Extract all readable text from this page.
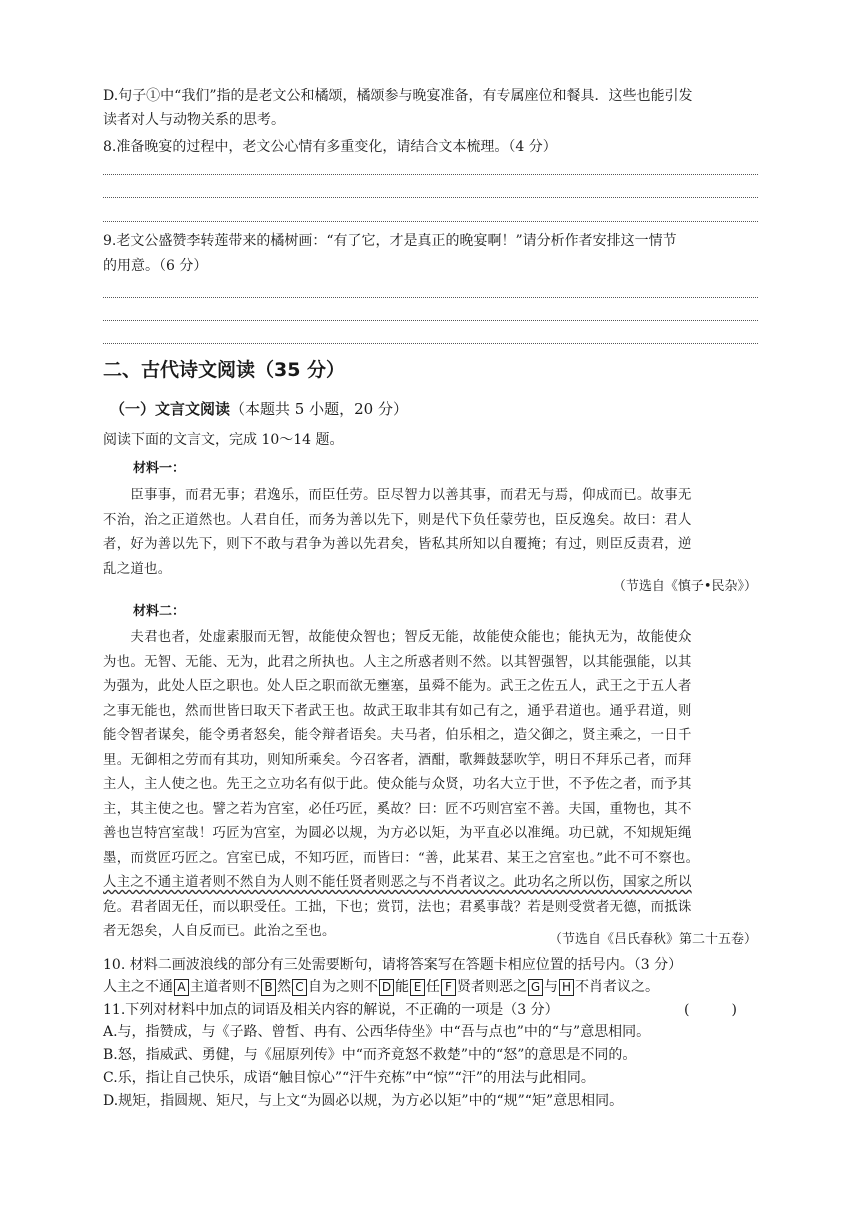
D.句子①中“我们”指的是老文公和橘颂，橘颂参与晚宴准备，有专属座位和餐具．这些也能引发
读者对人与动物关系的思考。
8.准备晚宴的过程中，老文公心情有多重变化，请结合文本梳理。（4 分）
9.老文公盛赞李转莲带来的橘树画：“有了它，才是真正的晚宴啊！”请分析作者安排这一情节
的用意。（6 分）
二、古代诗文阅读（35 分）
（一）文言文阅读（本题共 5 小题，20 分）
阅读下面的文言文，完成 10～14 题。
材料一：
　　臣事事，而君无事；君逸乐，而臣任劳。臣尽智力以善其事，而君无与焉，仰成而已。故事无
不治，治之正道然也。人君自任，而务为善以先下，则是代下负任蒙劳也，臣反逸矣。故曰：君人
者，好为善以先下，则下不敢与君争为善以先君矣，皆私其所知以自覆掩；有过，则臣反责君，逆
乱之道也。
（节选自《慎子•民杂》）
材料二：
　　夫君也者，处虚素服而无智，故能使众智也；智反无能，故能使众能也；能执无为，故能使众
为也。无智、无能、无为，此君之所执也。人主之所惑者则不然。以其智强智，以其能强能，以其
为强为，此处人臣之职也。处人臣之职而欲无壅塞，虽舜不能为。武王之佐五人，武王之于五人者
之事无能也，然而世皆曰取天下者武王也。故武王取非其有如己有之，通乎君道也。通乎君道，则
能令智者谋矣，能令勇者怒矣，能令辩者语矣。夫马者，伯乐相之，造父御之，贤主乘之，一日千
里。无御相之劳而有其功，则知所乘矣。今召客者，酒酣，歌舞鼓瑟吹竽，明日不拜乐己者，而拜
主人，主人使之也。先王之立功名有似于此。使众能与众贤，功名大立于世，不予佐之者，而予其
主，其主使之也。譬之若为宫室，必任巧匠，奚故？曰：匠不巧则宫室不善。夫国，重物也，其不
善也岂特宫室哉！巧匠为宫室，为圆必以规，为方必以矩，为平直必以准绳。功已就，不知规矩绳
墨，而赏匠巧匠之。宫室已成，不知巧匠，而皆曰：“善，此某君、某王之宫室也。”此不可不察也。
人主之不通主道者则不然自为人则不能任贤者则恶之与不肖者议之。此功名之所以伤，国家之所以
危。君者固无任，而以职受任。工拙，下也；赏罚，法也；君奚事哉？若是则受赏者无德，而抵诛
者无怨矣，人自反而已。此治之至也。
（节选自《吕氏春秋》第二十五卷）
10. 材料二画波浪线的部分有三处需要断句，请将答案写在答题卡相应位置的括号内。（3 分）
人主之不通 A 主道者则不 B 然 C 自为之则不 D 能 E 任 F 贤者则恶之 G 与 H 不肖者议之。
11.下列对材料中加点的词语及相关内容的解说，不正确的一项是（3 分）	(　　　)
A.与，指赞成，与《子路、曾皙、冉有、公西华侍坐》中“吾与点也”中的“与”意思相同。
B.怒，指威武、勇健，与《屈原列传》中“而齐竟怒不救楚”中的“怒”的意思是不同的。
C.乐，指让自己快乐，成语“触目惊心”“汗牛充栋”中“惊”“汗”的用法与此相同。
D.规矩，指圆规、矩尺，与上文“为圆必以规，为方必以矩”中的“规”“矩”意思相同。
